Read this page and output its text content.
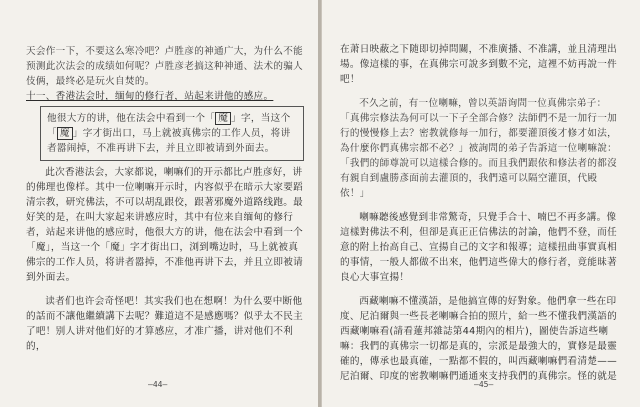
天会作一下，不要这么寒冷吧？卢胜彦的神通广大，为什么不能预测此次法会的成绩如何呢？卢胜彦老搞这种神通、法术的骗人伎俩，最终必是玩火自焚的。

十一、香港法会时，缅甸的修行者，站起来讲他的感应。

他很大方的讲，他在法会中看到一个「 魔 」字，当这个「 魔 」字才街出口，马上就被真佛宗的工作人员，将讲者嚣闹掉，不准再讲下去，并且立即被请到外面去。

此次香港法会，大家都说，喇嘛们的开示都比卢胜彦好，讲的佛理也像样。其中一位喇嘛开示时，内容似乎在暗示大家要蹈清宗教，研究佛法，不可以胡乱跟佼，跟著邪魔外道路线跑。最好笑的是，在叫大家起来讲感应时，其中有位来自缅甸的修行者，站起来讲他的感应时，他很大方的讲，他在法会中看到一个「魔」，当这一个「魔」字才街出口，浏到嘴边时，马上就被真佛宗的工作人员，将讲者嚣掉，不准他再讲下去，并且立即被请到外面去。

读者们也许会奇怪吧！其实我们也在想啊！为什么要中断他的話而不讓他繼續講下去呢？難道這不是感應嗎？似乎太不民主了吧！别人讲对他们好的才算感应，才准广播，讲对他们不利的，

—44—

在萧日映蔽之下随即切掉問關，不准廣播、不准講，並且清理出場。像這樣的事，在真佛宗可說多到數不完，這裡不妨再說一件吧！

不久之前，有一位喇嘛，曾以英語询問一位真佛宗弟子：「真佛宗修法為何可以一下子全部合修？法師們不是一加行一加行的慢慢修上去？密教就修每一加行，都要灌頂後才修才如法，為什麼你們真佛宗都不必？」被詢問的弟子告訴這一位喇嘛說：「我們的師尊說可以這樣合修的。而且我們跟依和修法者的都沒有親自到盧勝彥面前去灌頂的，我們遠可以隔空灌頂，代殿依！」

喇嘛聽後感覺到非常驚奇，只覺手合十、喃巴不再多講。像這樣對佛法不利，但卻是真正正信佛法的討論，他們不登，而任意的附上抬高自己、宣揚自己的文字和報導；這樣扭曲事實真相的事情，一般人都做不出來，他們這些偉大的修行者，竟能昧著良心大事宣揚！

西藏喇嘛不懂漢語，是他搞宣傳的好對象。他們拿一些在印度、尼泊爾與一些長老喇嘛合拍的照片，給一些不懂我們漢語的西藏喇嘛看(請看蓮邦雜誌第44期內的相片)，圖使告訴這些喇嘛：我們的真佛宗一切都是真的，宗派是最強大的，實修是最靈確的，傳承也最真確，一點都不假的，叫西藏喇嘛們看清楚——尼泊爾、印度的密教喇嘛們通通來支持我們的真佛宗。怪的就是

—45—
